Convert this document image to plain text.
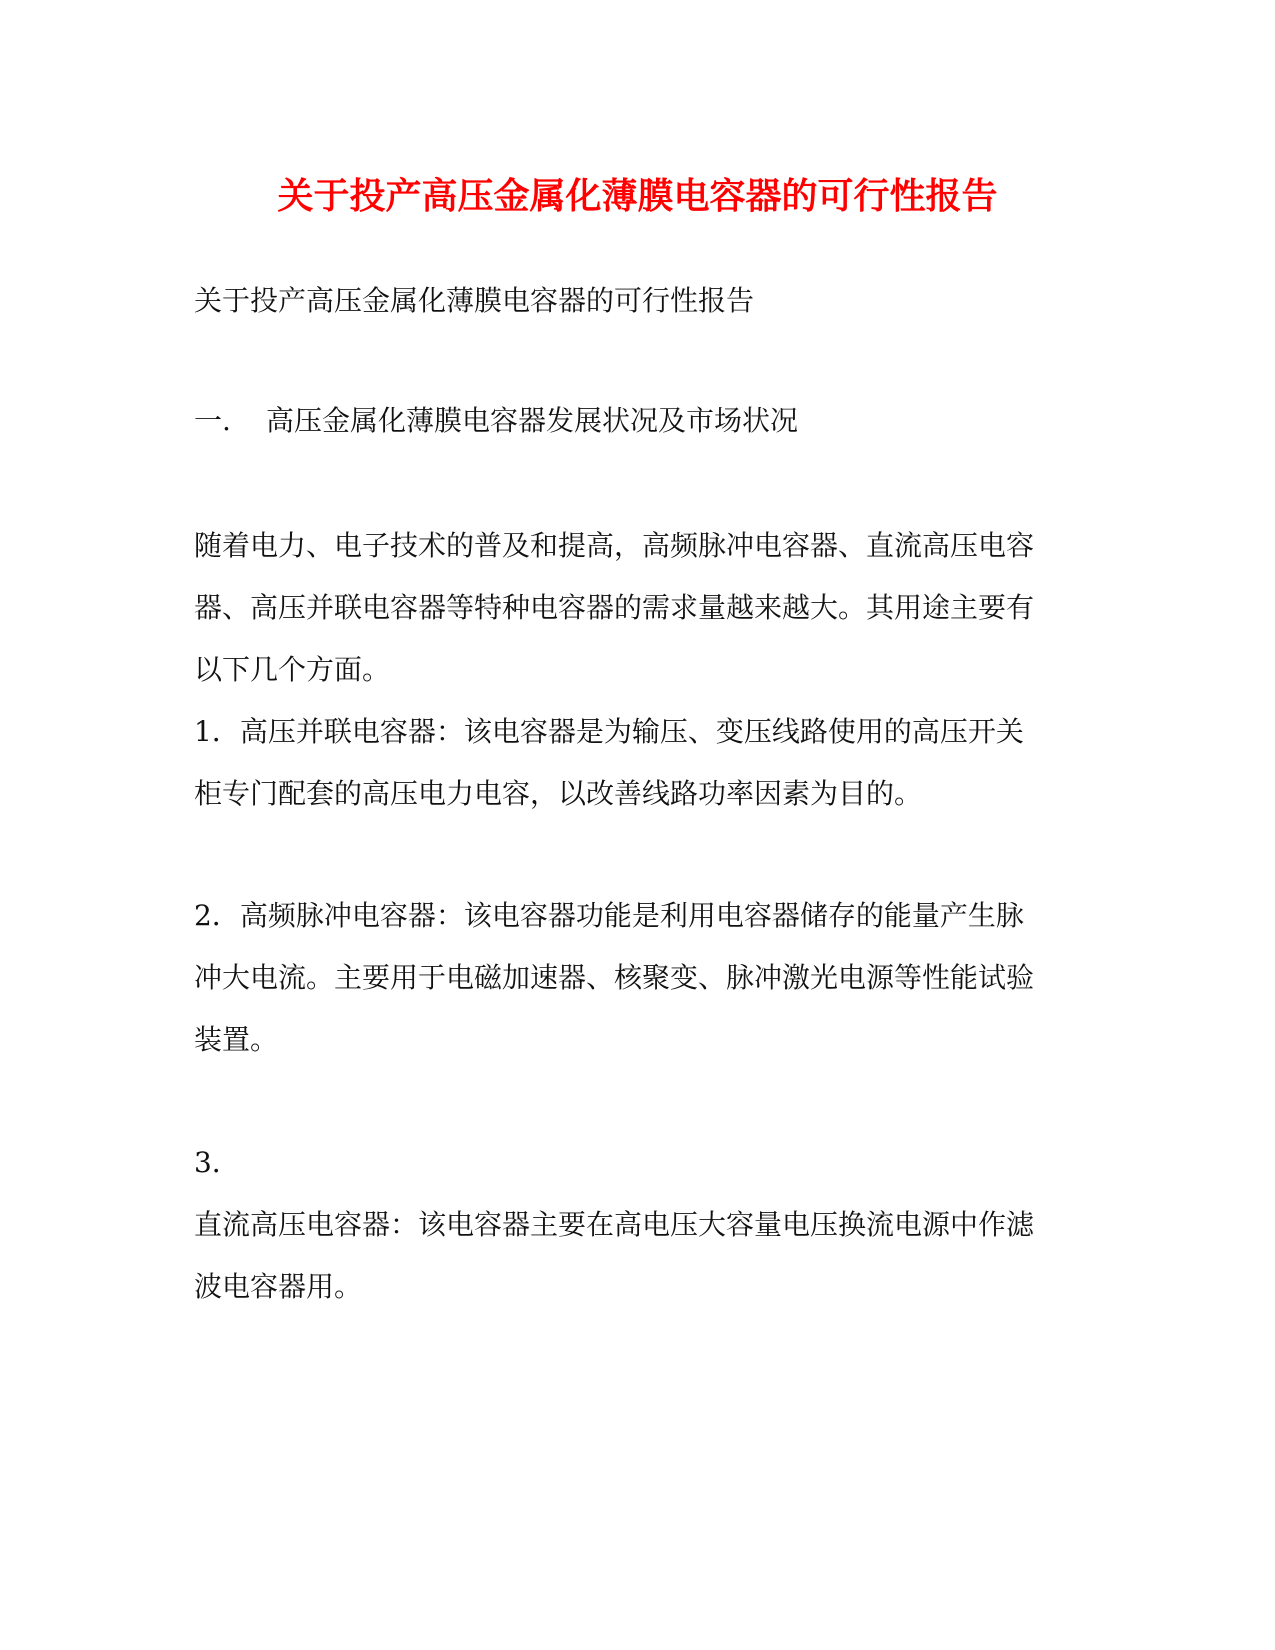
关于投产高压金属化薄膜电容器的可行性报告
关于投产高压金属化薄膜电容器的可行性报告
一. 高压金属化薄膜电容器发展状况及市场状况
随着电力、电子技术的普及和提高，高频脉冲电容器、直流高压电容
器、高压并联电容器等特种电容器的需求量越来越大。其用途主要有
以下几个方面。
1．高压并联电容器：该电容器是为输压、变压线路使用的高压开关
柜专门配套的高压电力电容，以改善线路功率因素为目的。
2．高频脉冲电容器：该电容器功能是利用电容器储存的能量产生脉
冲大电流。主要用于电磁加速器、核聚变、脉冲激光电源等性能试验
装置。
3．
直流高压电容器：该电容器主要在高电压大容量电压换流电源中作滤
波电容器用。
